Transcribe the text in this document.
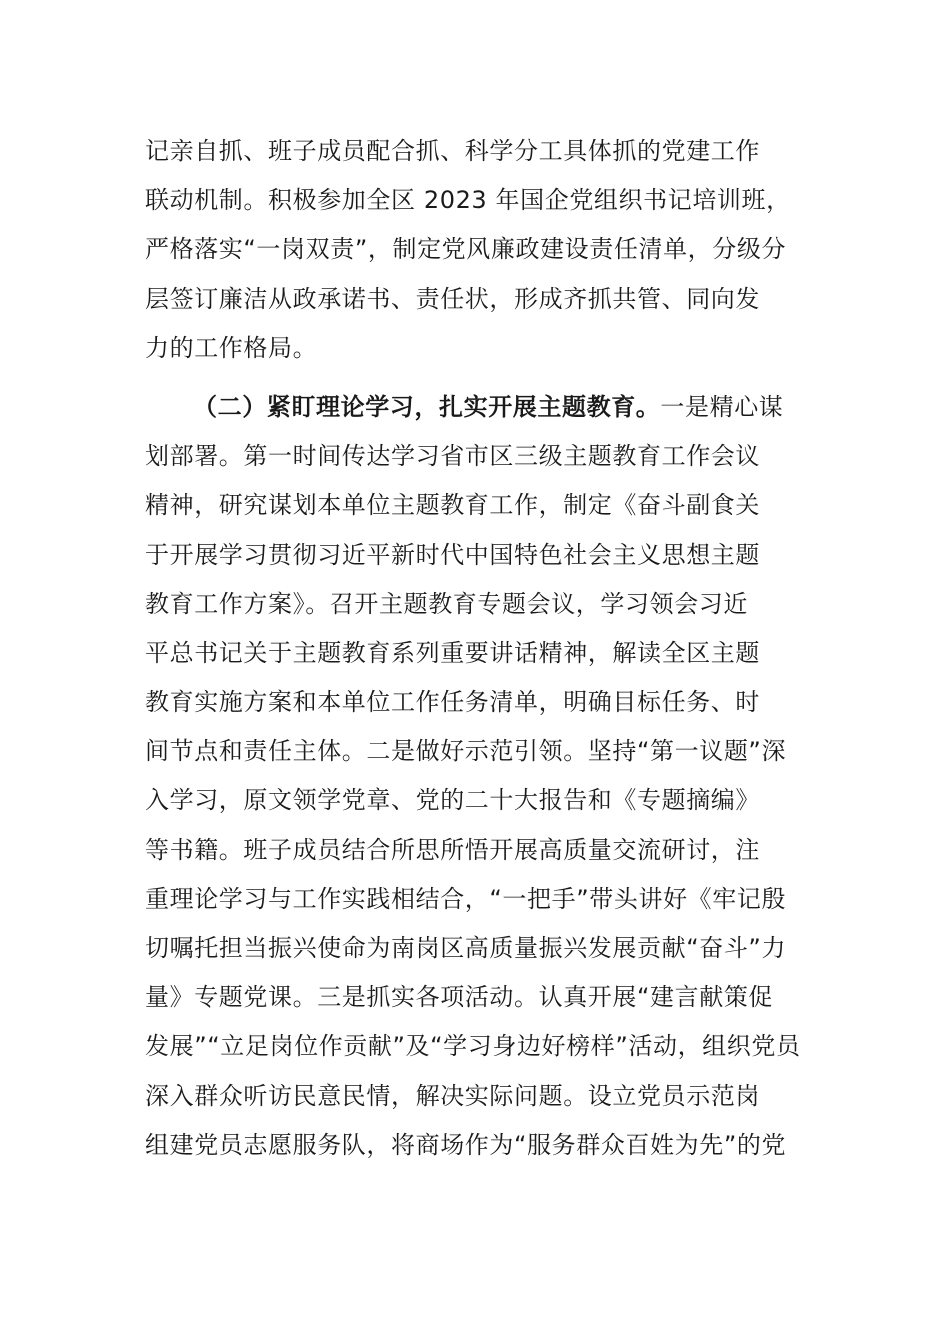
记亲自抓、班子成员配合抓、科学分工具体抓的党建工作
联动机制。积极参加全区 2023 年国企党组织书记培训班，
严格落实“一岗双责”，制定党风廉政建设责任清单，分级分
层签订廉洁从政承诺书、责任状，形成齐抓共管、同向发
力的工作格局。
（二）紧盯理论学习，扎实开展主题教育。一是精心谋
划部署。第一时间传达学习省市区三级主题教育工作会议
精神，研究谋划本单位主题教育工作，制定《奋斗副食关
于开展学习贯彻习近平新时代中国特色社会主义思想主题
教育工作方案》。召开主题教育专题会议，学习领会习近
平总书记关于主题教育系列重要讲话精神，解读全区主题
教育实施方案和本单位工作任务清单，明确目标任务、时
间节点和责任主体。二是做好示范引领。坚持“第一议题”深
入学习，原文领学党章、党的二十大报告和《专题摘编》
等书籍。班子成员结合所思所悟开展高质量交流研讨，注
重理论学习与工作实践相结合，“一把手”带头讲好《牢记殷
切嘱托担当振兴使命为南岗区高质量振兴发展贡献“奋斗”力
量》专题党课。三是抓实各项活动。认真开展“建言献策促
发展”“立足岗位作贡献”及“学习身边好榜样”活动，组织党员
深入群众听访民意民情，解决实际问题。设立党员示范岗
组建党员志愿服务队，将商场作为“服务群众百姓为先”的党
